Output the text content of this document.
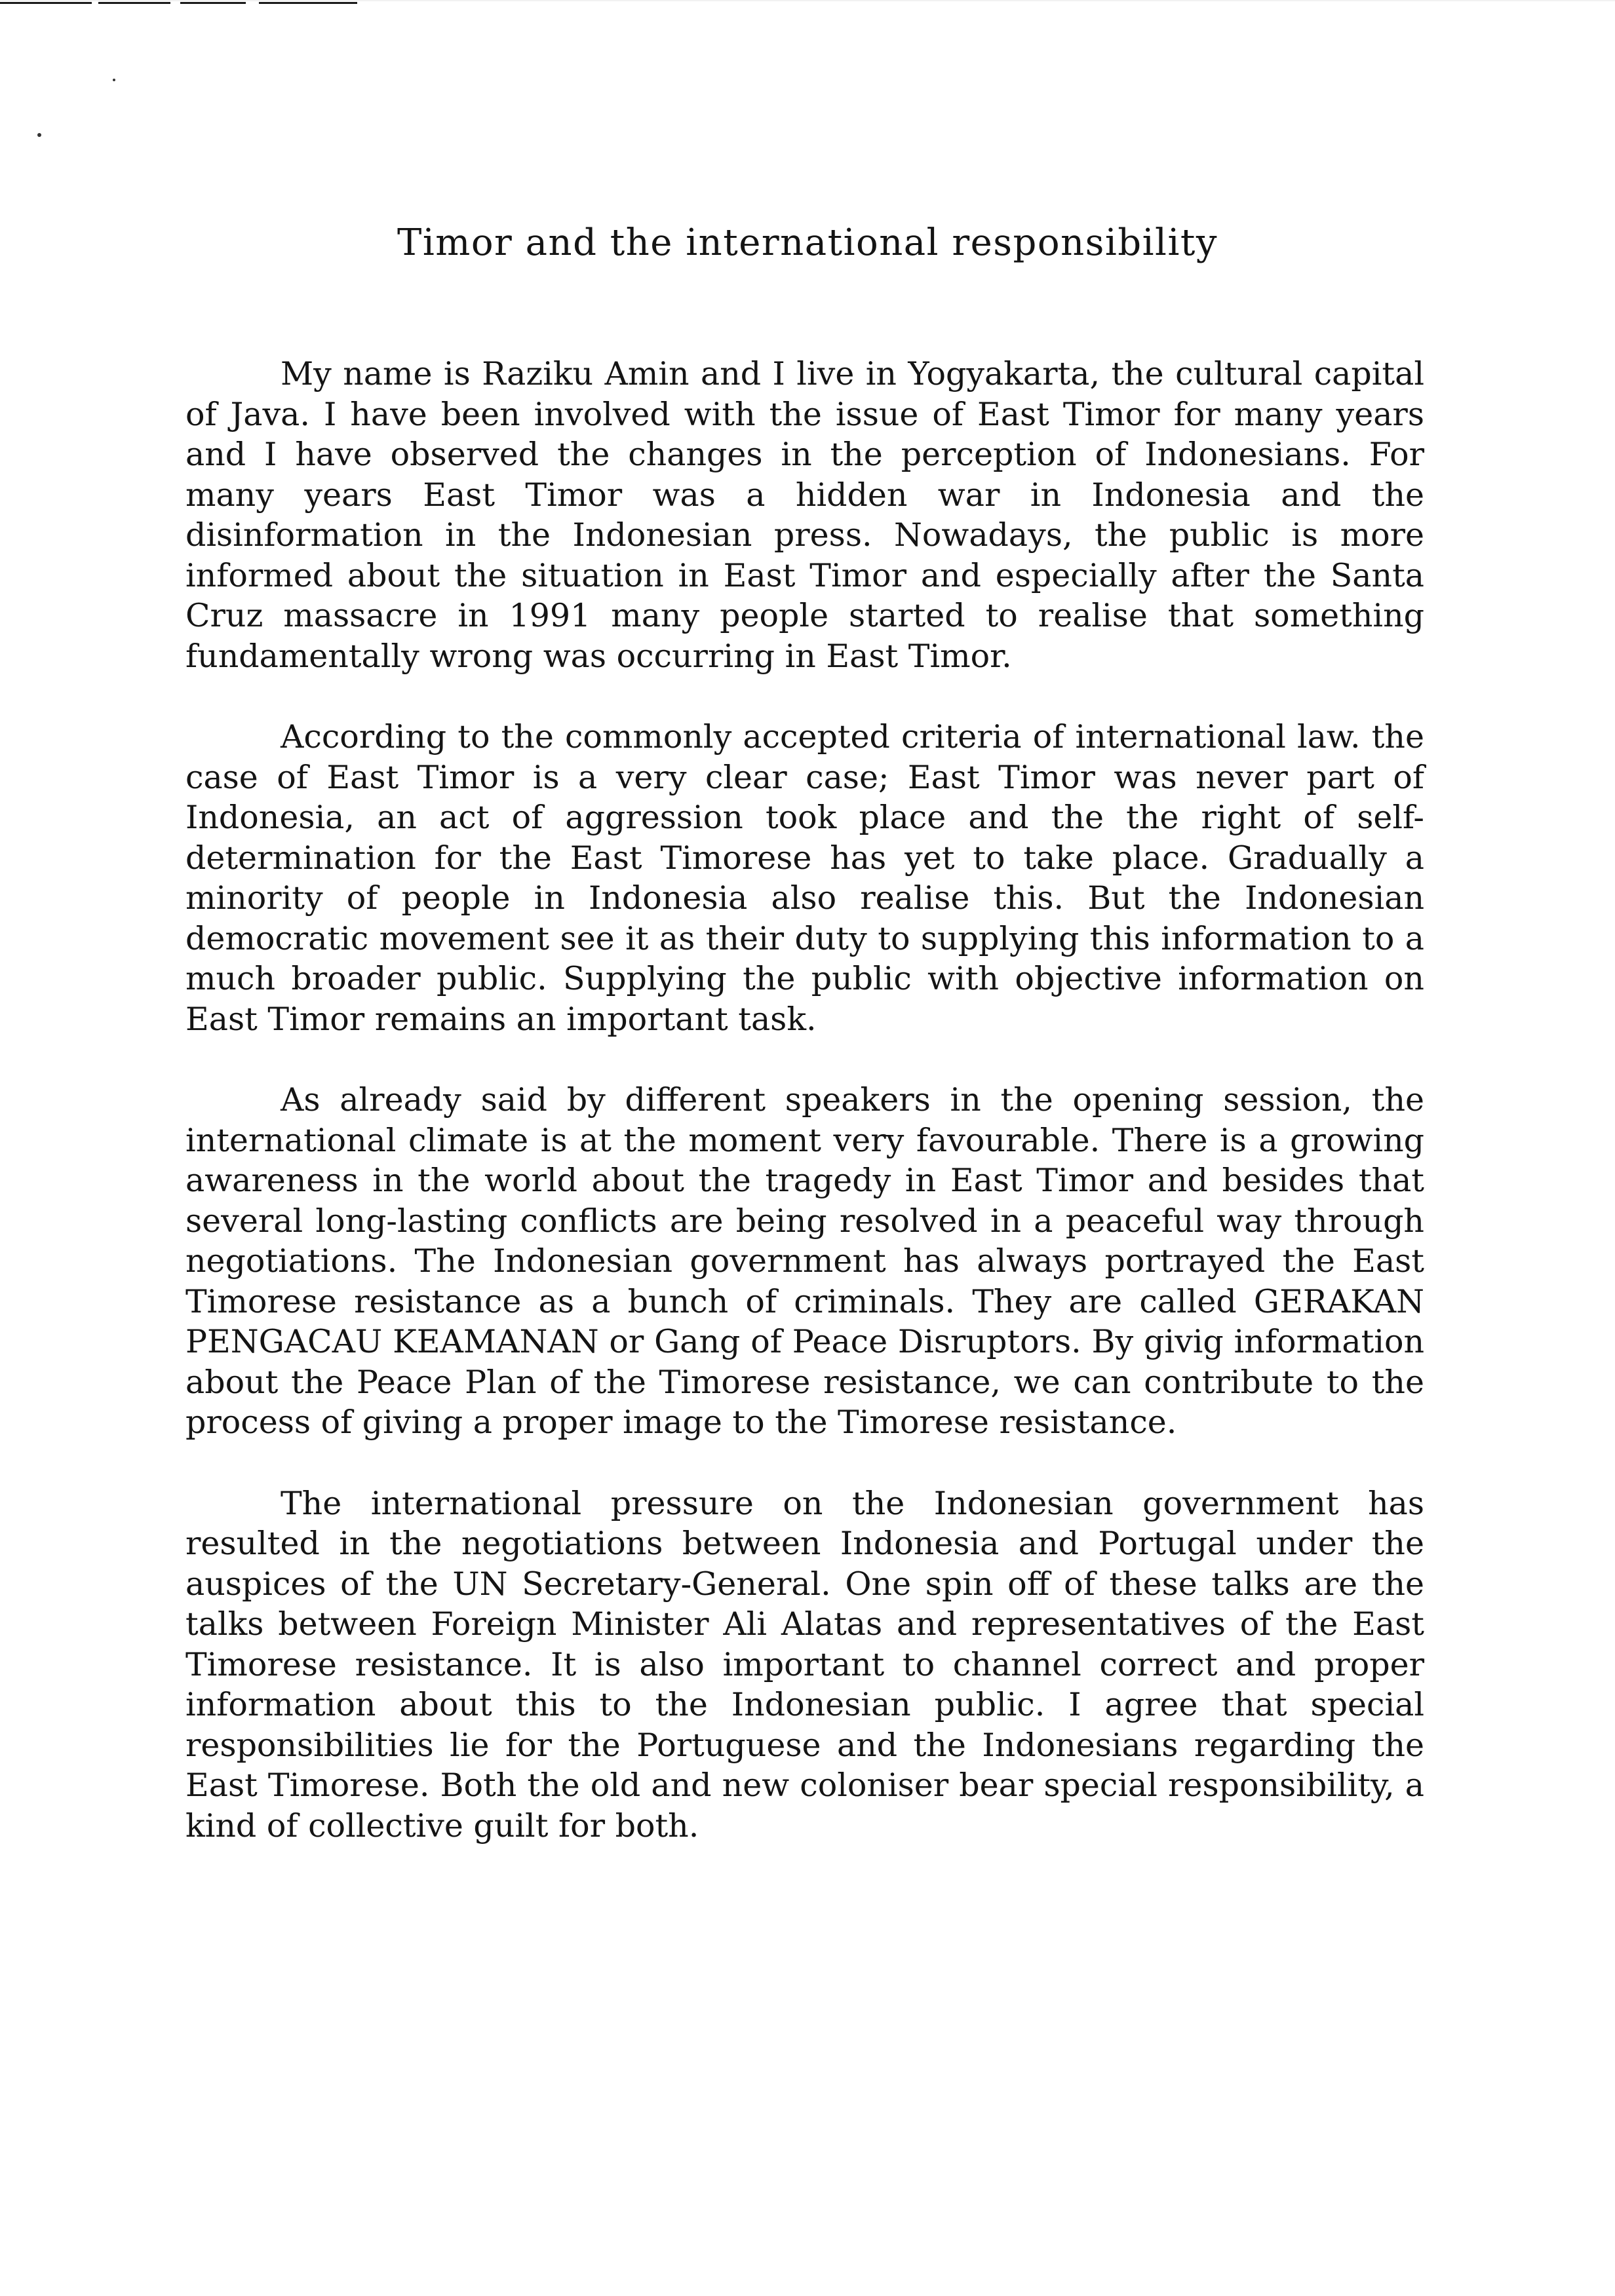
Timor and the international responsibility

My name is Raziku Amin and I live in Yogyakarta, the cultural capital of Java. I have been involved with the issue of East Timor for many years and I have observed the changes in the perception of Indonesians. For many years East Timor was a hidden war in Indonesia and the disinformation in the Indonesian press. Nowadays, the public is more informed about the situation in East Timor and especially after the Santa Cruz massacre in 1991 many people started to realise that something fundamentally wrong was occurring in East Timor.

According to the commonly accepted criteria of international law. the case of East Timor is a very clear case; East Timor was never part of Indonesia, an act of aggression took place and the the right of self-determination for the East Timorese has yet to take place. Gradually a minority of people in Indonesia also realise this. But the Indonesian democratic movement see it as their duty to supplying this information to a much broader public. Supplying the public with objective information on East Timor remains an important task.

As already said by different speakers in the opening session, the international climate is at the moment very favourable. There is a growing awareness in the world about the tragedy in East Timor and besides that several long-lasting conflicts are being resolved in a peaceful way through negotiations. The Indonesian government has always portrayed the East Timorese resistance as a bunch of criminals. They are called GERAKAN PENGACAU KEAMANAN or Gang of Peace Disruptors. By givig information about the Peace Plan of the Timorese resistance, we can contribute to the process of giving a proper image to the Timorese resistance.

The international pressure on the Indonesian government has resulted in the negotiations between Indonesia and Portugal under the auspices of the UN Secretary-General. One spin off of these talks are the talks between Foreign Minister Ali Alatas and representatives of the East Timorese resistance. It is also important to channel correct and proper information about this to the Indonesian public. I agree that special responsibilities lie for the Portuguese and the Indonesians regarding the East Timorese. Both the old and new coloniser bear special responsibility, a kind of collective guilt for both.
